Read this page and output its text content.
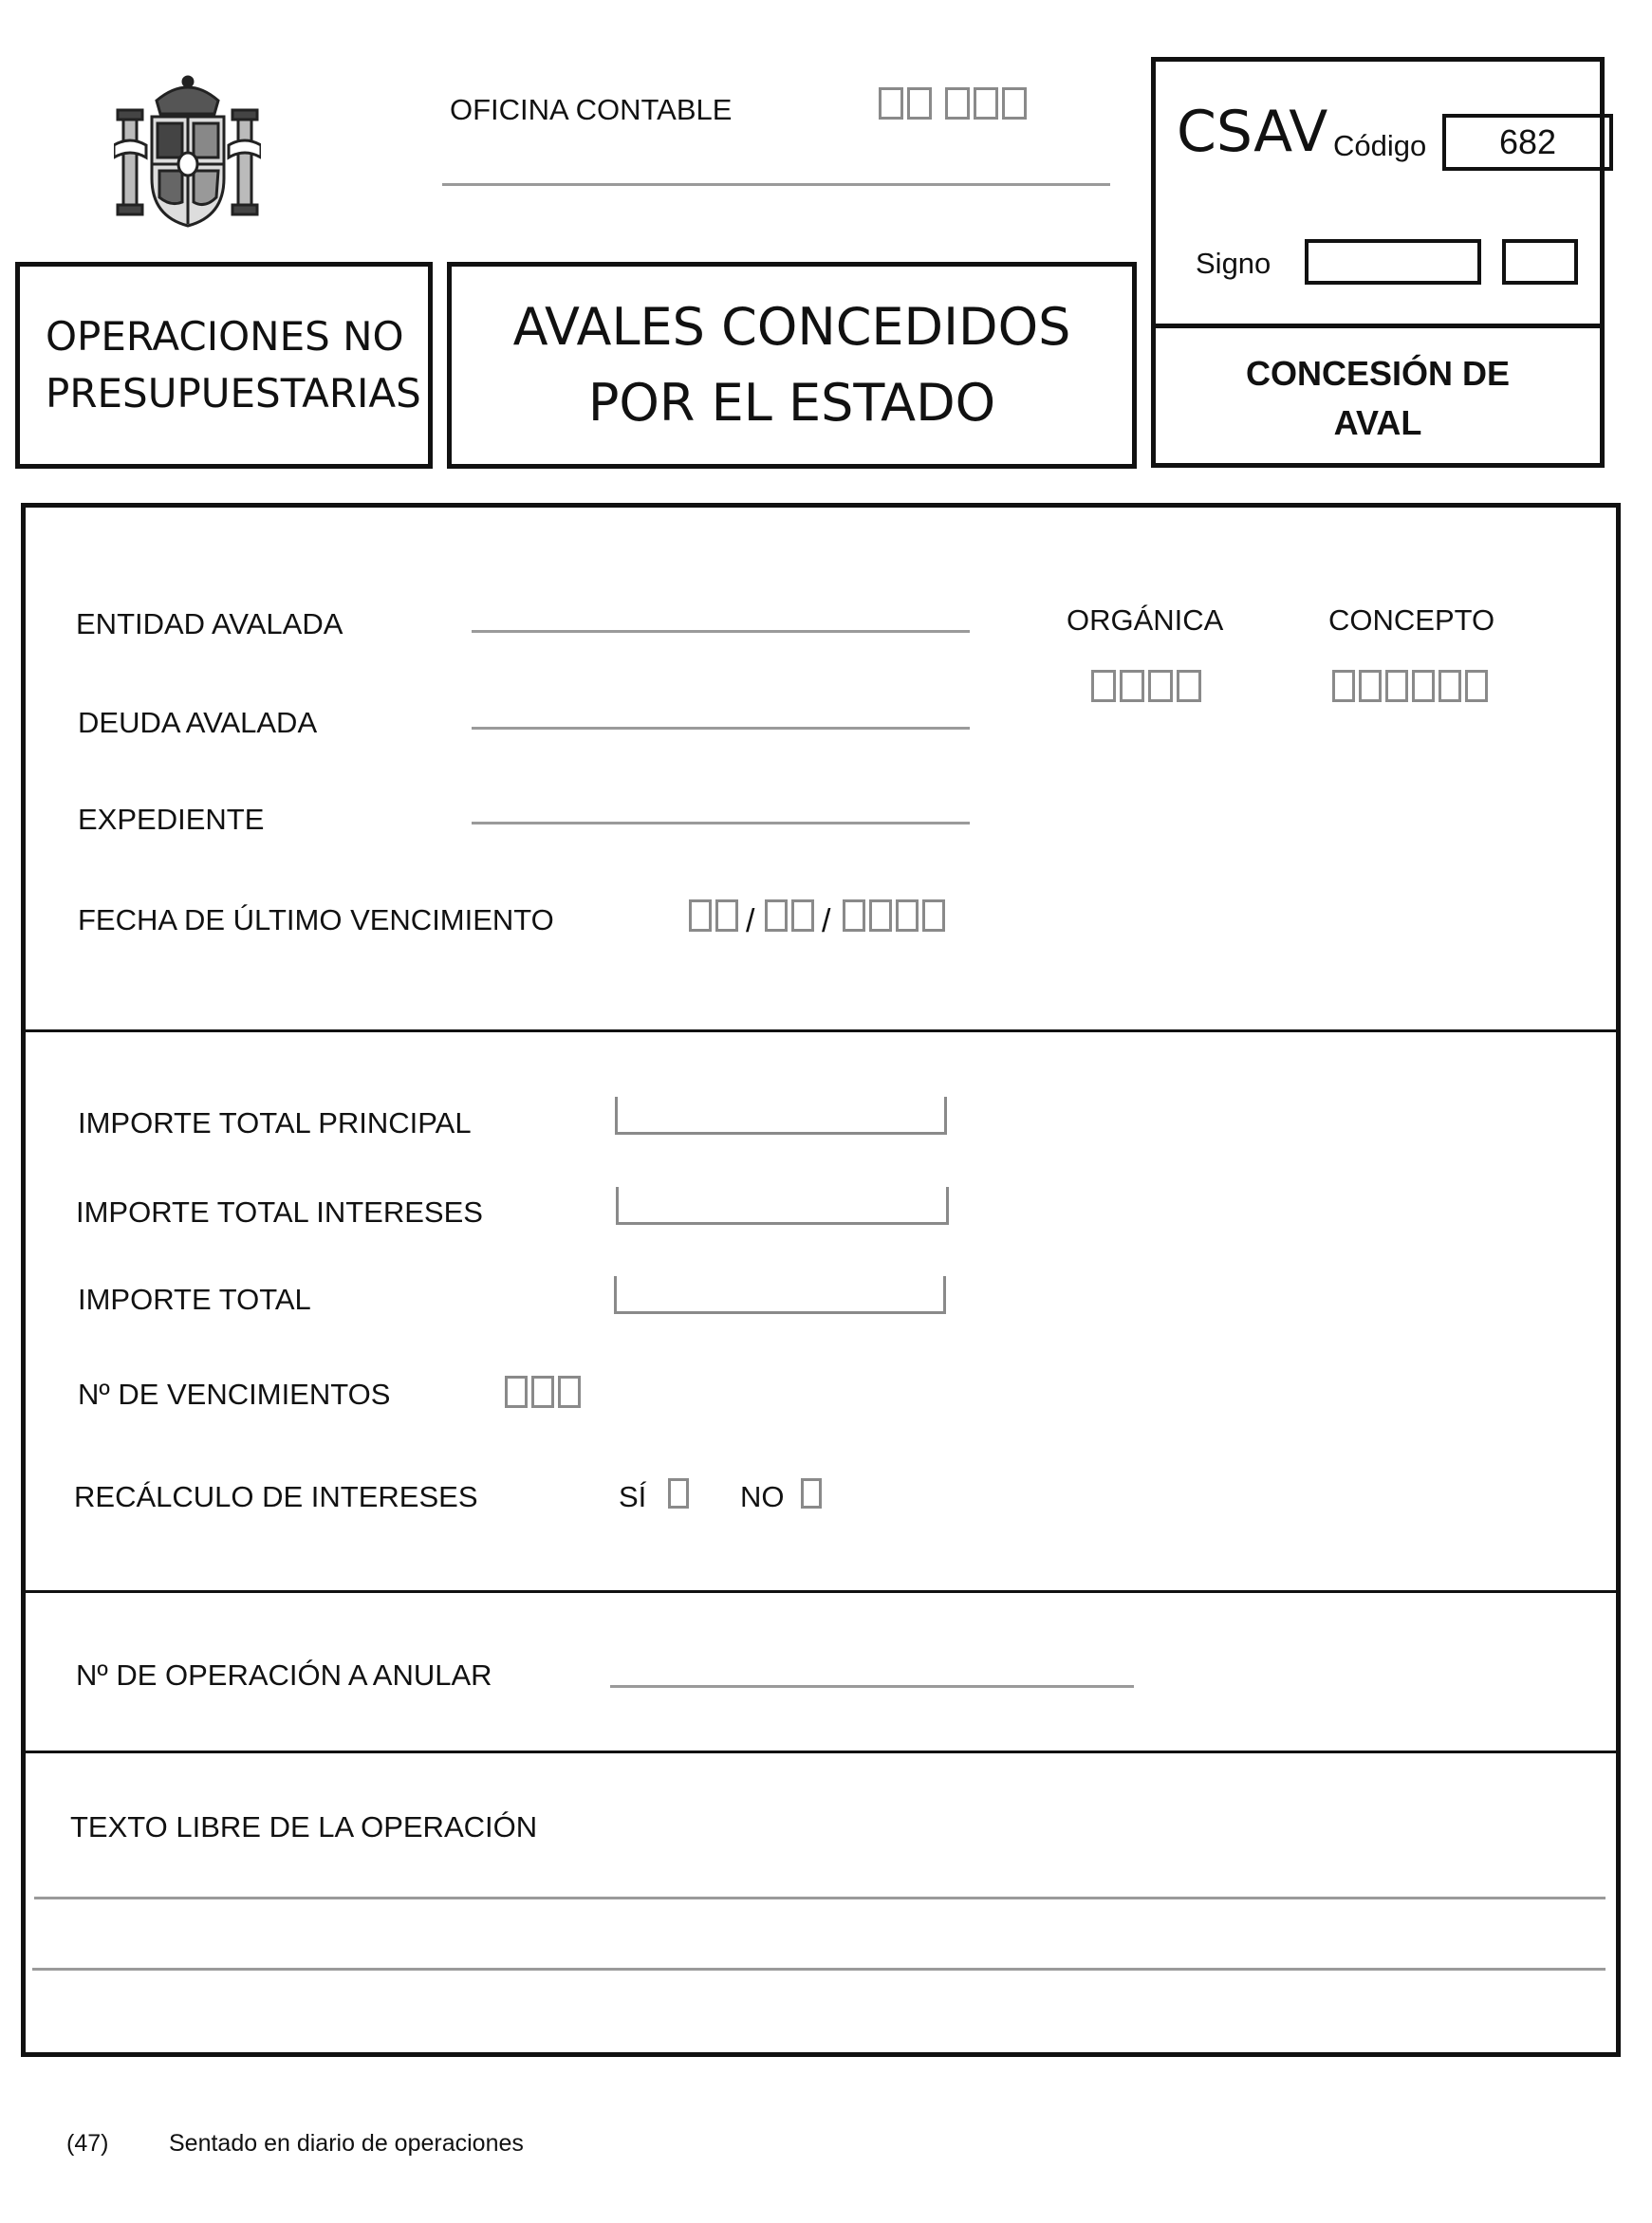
OFICINA CONTABLE	CSAV Código	682
Signo
CONCESIÓN DE
AVAL
OPERACIONES NO
PRESUPUESTARIAS
AVALES CONCEDIDOS
POR EL ESTADO
ENTIDAD AVALADA
DEUDA AVALADA
EXPEDIENTE
FECHA DE ÚLTIMO VENCIMIENTO	/ /
ORGÁNICA	CONCEPTO
IMPORTE TOTAL PRINCIPAL
IMPORTE TOTAL INTERESES
IMPORTE TOTAL
Nº DE VENCIMIENTOS
RECÁLCULO DE INTERESES	SÍ	NO
Nº DE OPERACIÓN A ANULAR
TEXTO LIBRE DE LA OPERACIÓN
(47)	Sentado en diario de operaciones
